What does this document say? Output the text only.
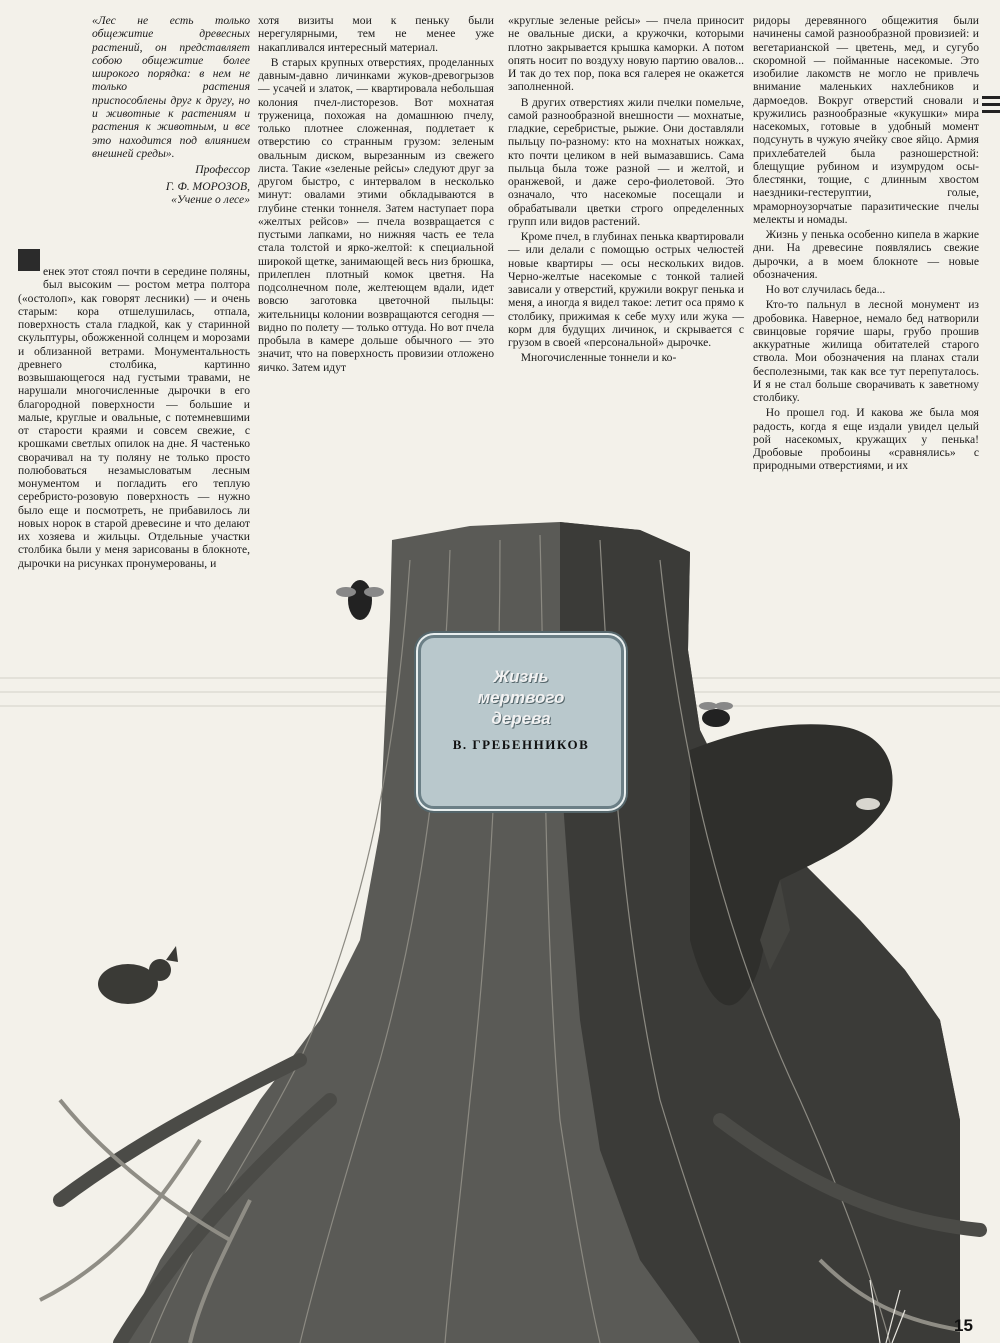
«Лес не есть только общежитие древесных растений, он представляет собою общежитие более широкого порядка: в нем не только растения приспособлены друг к другу, но и животные к растениям и растения к животным, и все это находится под влиянием внешней среды».
Профессор
Г. Ф. МОРОЗОВ,
«Учение о лесе»

енек этот стоял почти в середине поляны, был высоким — ростом метра полтора («остолоп», как говорят лесники) — и очень старым: кора отшелушилась, отпала, поверхность стала гладкой, как у старинной скульптуры, обожженной солнцем и морозами и облизанной ветрами. Монументальность древнего столбика, картинно возвышающегося над густыми травами, не нарушали многочисленные дырочки в его благородной поверхности — большие и малые, круглые и овальные, с потемневшими от старости краями и совсем свежие, с крошками светлых опилок на дне. Я частенько сворачивал на ту поляну не только просто полюбоваться незамысловатым лесным монументом и погладить его теплую серебристо-розовую поверхность — нужно было еще и посмотреть, не прибавилось ли новых норок в старой древесине и что делают их хозяева и жильцы. Отдельные участки столбика были у меня зарисованы в блокноте, дырочки на рисунках пронумерованы, и

хотя визиты мои к пеньку были нерегулярными, тем не менее уже накапливался интересный материал.

В старых крупных отверстиях, проделанных давным-давно личинками жуков-древогрызов — усачей и златок, — квартировала небольшая колония пчел-листорезов. Вот мохнатая труженица, похожая на домашнюю пчелу, только плотнее сложенная, подлетает к отверстию со странным грузом: зеленым овальным диском, вырезанным из свежего листа. Такие «зеленые рейсы» следуют друг за другом быстро, с интервалом в несколько минут: овалами этими обкладываются в глубине стенки тоннеля. Затем наступает пора «желтых рейсов» — пчела возвращается с пустыми лапками, но нижняя часть ее тела стала толстой и ярко-желтой: к специальной широкой щетке, занимающей весь низ брюшка, прилеплен плотный комок цветня. На подсолнечном поле, желтеющем вдали, идет вовсю заготовка цветочной пыльцы: жительницы колонии возвращаются сегодня — видно по полету — только оттуда. Но вот пчела пробыла в камере дольше обычного — это значит, что на поверхность провизии отложено яичко. Затем идут

«круглые зеленые рейсы» — пчела приносит не овальные диски, а кружочки, которыми плотно закрывается крышка каморки. А потом опять носит по воздуху новую партию овалов... И так до тех пор, пока вся галерея не окажется заполненной.

В других отверстиях жили пчелки помельче, самой разнообразной внешности — мохнатые, гладкие, серебристые, рыжие. Они доставляли пыльцу по-разному: кто на мохнатых ножках, кто почти целиком в ней вымазавшись. Сама пыльца была тоже разной — и желтой, и оранжевой, и даже серо-фиолетовой. Это означало, что насекомые посещали и обрабатывали цветки строго определенных групп или видов растений.

Кроме пчел, в глубинах пенька квартировали — или делали с помощью острых челюстей новые квартиры — осы нескольких видов. Черно-желтые насекомые с тонкой талией зависали у отверстий, кружили вокруг пенька и меня, а иногда я видел такое: летит оса прямо к столбику, прижимая к себе муху или жука — корм для будущих личинок, и скрывается с грузом в своей «персональной» дырочке.

Многочисленные тоннели и ко-

ридоры деревянного общежития были начинены самой разнообразной провизией: и вегетарианской — цветень, мед, и сугубо скоромной — пойманные насекомые. Это изобилие лакомств не могло не привлечь внимание маленьких нахлебников и дармоедов. Вокруг отверстий сновали и кружились разнообразные «кукушки» мира насекомых, готовые в удобный момент подсунуть в чужую ячейку свое яйцо. Армия прихлебателей была разношерстной: блещущие рубином и изумрудом осы-блестянки, тощие, с длинным хвостом наездники-гестеруптии, голые, мраморноузорчатые паразитические пчелы мелекты и номады.

Жизнь у пенька особенно кипела в жаркие дни. На древесине появлялись свежие дырочки, а в моем блокноте — новые обозначения.

Но вот случилась беда...

Кто-то пальнул в лесной монумент из дробовика. Наверное, немало бед натворили свинцовые горячие шары, грубо прошив аккуратные жилища обитателей старого ствола. Мои обозначения на планах стали бесполезными, так как все тут перепуталось. И я не стал больше сворачивать к заветному столбику.

Но прошел год. И какова же была моя радость, когда я еще издали увидел целый рой насекомых, кружащих у пенька! Дробовые пробоины «сравнялись» с природными отверстиями, и их

Жизнь
мертвого
дерева
В. ГРЕБЕННИКОВ
15
